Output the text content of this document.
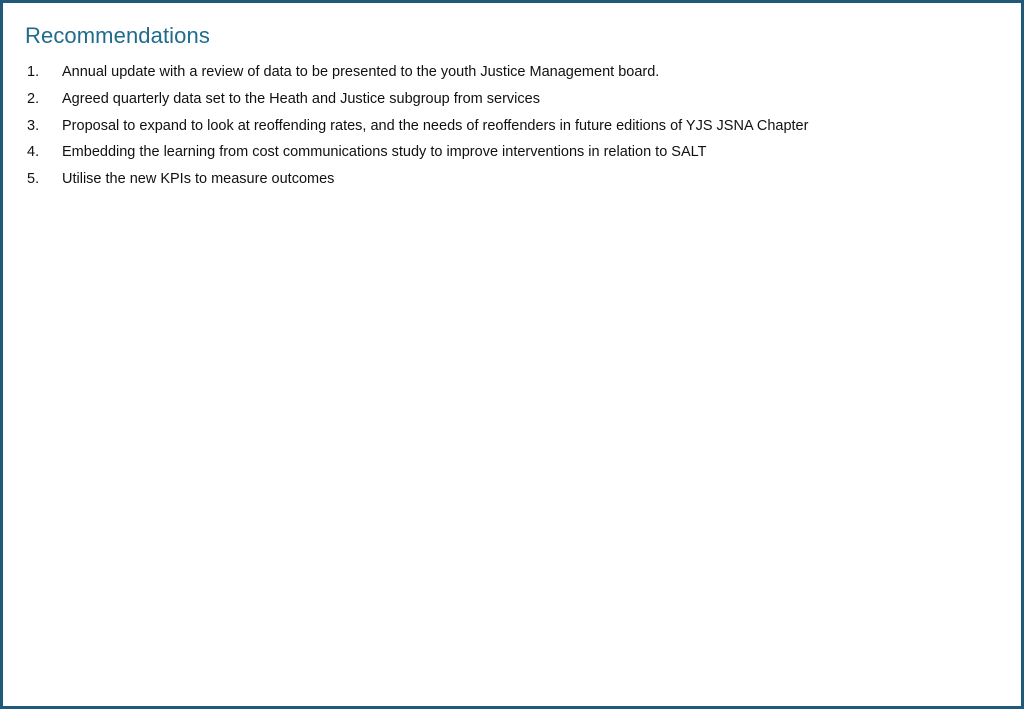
Recommendations
1. Annual update with a review of data to be presented to the youth Justice Management board.
2. Agreed quarterly data set to the Heath and Justice subgroup from services
3. Proposal to expand to look at reoffending rates, and the needs of reoffenders in future editions of YJS JSNA Chapter
4. Embedding the learning from cost communications study to improve interventions in relation to SALT
5. Utilise the new KPIs to measure outcomes
